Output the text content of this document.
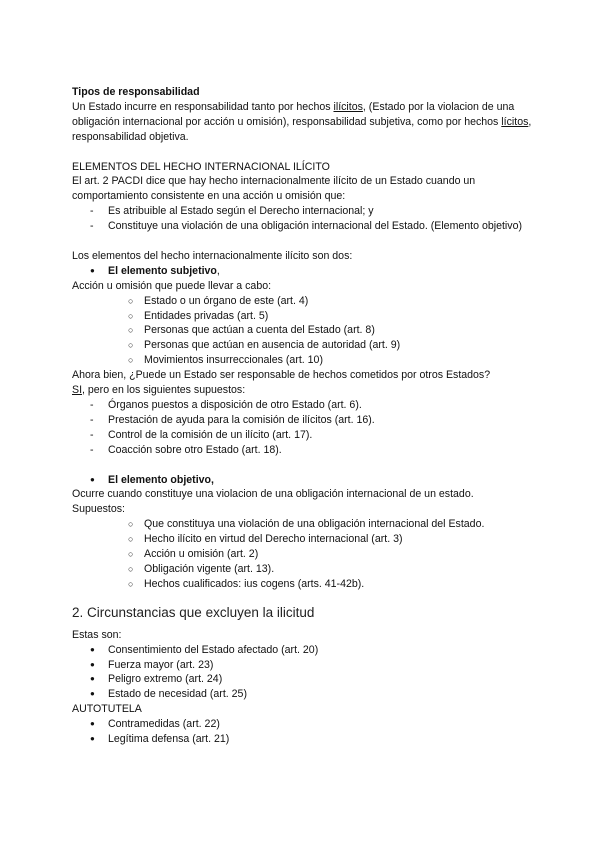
Tipos de responsabilidad
Un Estado incurre en responsabilidad tanto por hechos ilícitos, (Estado por la violacion de una obligación internacional por acción u omisión), responsabilidad subjetiva, como por hechos lícitos, responsabilidad objetiva.
ELEMENTOS DEL HECHO INTERNACIONAL ILÍCITO
El art. 2 PACDI dice que hay hecho internacionalmente ilícito de un Estado cuando un comportamiento consistente en una acción u omisión que:
- Es atribuible al Estado según el Derecho internacional; y
- Constituye una violación de una obligación internacional del Estado. (Elemento objetivo)
Los elementos del hecho internacionalmente ilícito son dos:
● El elemento subjetivo,
Acción u omisión que puede llevar a cabo:
○ Estado o un órgano de este (art. 4)
○ Entidades privadas (art. 5)
○ Personas que actúan a cuenta del Estado (art. 8)
○ Personas que actúan en ausencia de autoridad (art. 9)
○ Movimientos insurreccionales (art. 10)
Ahora bien, ¿Puede un Estado ser responsable de hechos cometidos por otros Estados?
SI, pero en los siguientes supuestos:
- Órganos puestos a disposición de otro Estado (art. 6).
- Prestación de ayuda para la comisión de ilícitos (art. 16).
- Control de la comisión de un ilícito (art. 17).
- Coacción sobre otro Estado (art. 18).
● El elemento objetivo,
Ocurre cuando constituye una violacion de una obligación internacional de un estado.
Supuestos:
○ Que constituya una violación de una obligación internacional del Estado.
○ Hecho ilícito en virtud del Derecho internacional (art. 3)
○ Acción u omisión (art. 2)
○ Obligación vigente (art. 13).
○ Hechos cualificados: ius cogens (arts. 41-42b).
2. Circunstancias que excluyen la ilicitud
Estas son:
● Consentimiento del Estado afectado (art. 20)
● Fuerza mayor (art. 23)
● Peligro extremo (art. 24)
● Estado de necesidad (art. 25)
AUTOTUTELA
● Contramedidas (art. 22)
● Legítima defensa (art. 21)
